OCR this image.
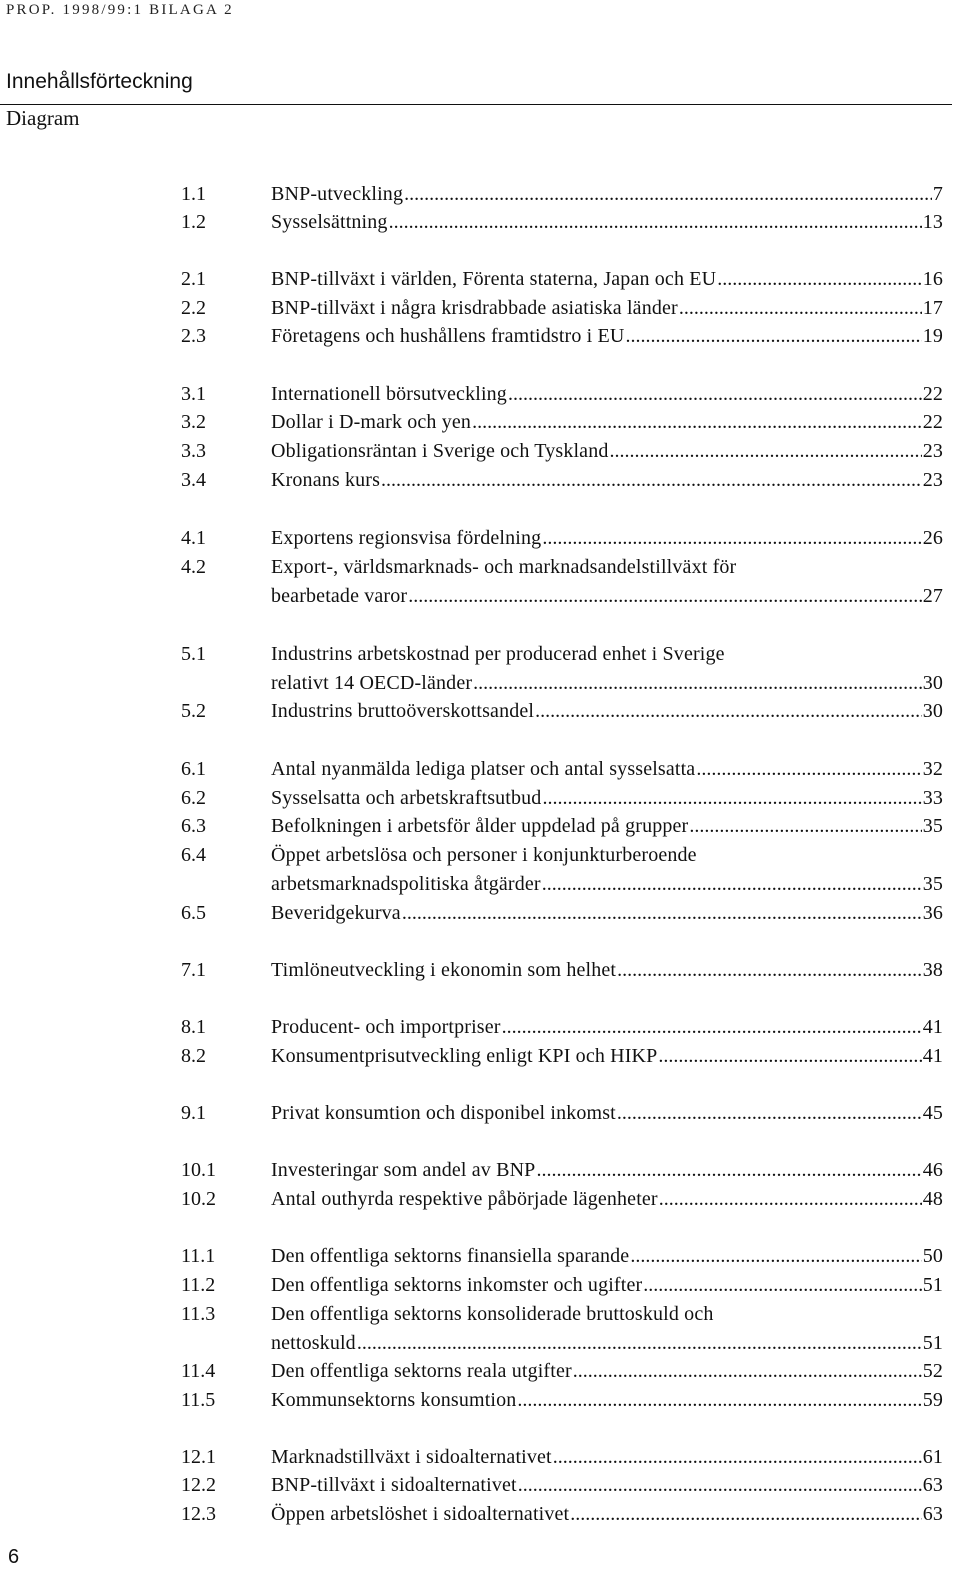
PROP. 1998/99:1 BILAGA 2
Innehållsförteckning
Diagram
1.1	BNP-utveckling .....	7
1.2	Sysselsättning .....	13
2.1	BNP-tillväxt i världen, Förenta staterna, Japan och EU .....	16
2.2	BNP-tillväxt i några krisdrabbade asiatiska länder .....	17
2.3	Företagens och hushållens framtidstro i EU .....	19
3.1	Internationell börsutveckling .....	22
3.2	Dollar i D-mark och yen .....	22
3.3	Obligationsräntan i Sverige och Tyskland .....	23
3.4	Kronans kurs .....	23
4.1	Exportens regionsvisa fördelning .....	26
4.2	Export-, världsmarknads- och marknadsandelstillväxt för
bearbetade varor .....	27
5.1	Industrins arbetskostnad per producerad enhet i Sverige
relativt 14 OECD-länder .....	30
5.2	Industrins bruttoöverskottsandel .....	30
6.1	Antal nyanmälda lediga platser och antal sysselsatta .....	32
6.2	Sysselsatta och arbetskraftsutbud .....	33
6.3	Befolkningen i arbetsför ålder uppdelad på grupper .....	35
6.4	Öppet arbetslösa och personer i konjunkturberoende
arbetsmarknadspolitiska åtgärder .....	35
6.5	Beveridgekurva .....	36
7.1	Timlöneutveckling i ekonomin som helhet .....	38
8.1	Producent- och importpriser .....	41
8.2	Konsumentprisutveckling enligt KPI och HIKP .....	41
9.1	Privat konsumtion och disponibel inkomst .....	45
10.1	Investeringar som andel av BNP .....	46
10.2	Antal outhyrda respektive påbörjade lägenheter .....	48
11.1	Den offentliga sektorns finansiella sparande .....	50
11.2	Den offentliga sektorns inkomster och ugifter .....	51
11.3	Den offentliga sektorns konsoliderade bruttoskuld och
nettoskuld .....	51
11.4	Den offentliga sektorns reala utgifter .....	52
11.5	Kommunsektorns konsumtion .....	59
12.1	Marknadstillväxt i sidoalternativet .....	61
12.2	BNP-tillväxt i sidoalternativet .....	63
12.3	Öppen arbetslöshet i sidoalternativet .....	63
6
